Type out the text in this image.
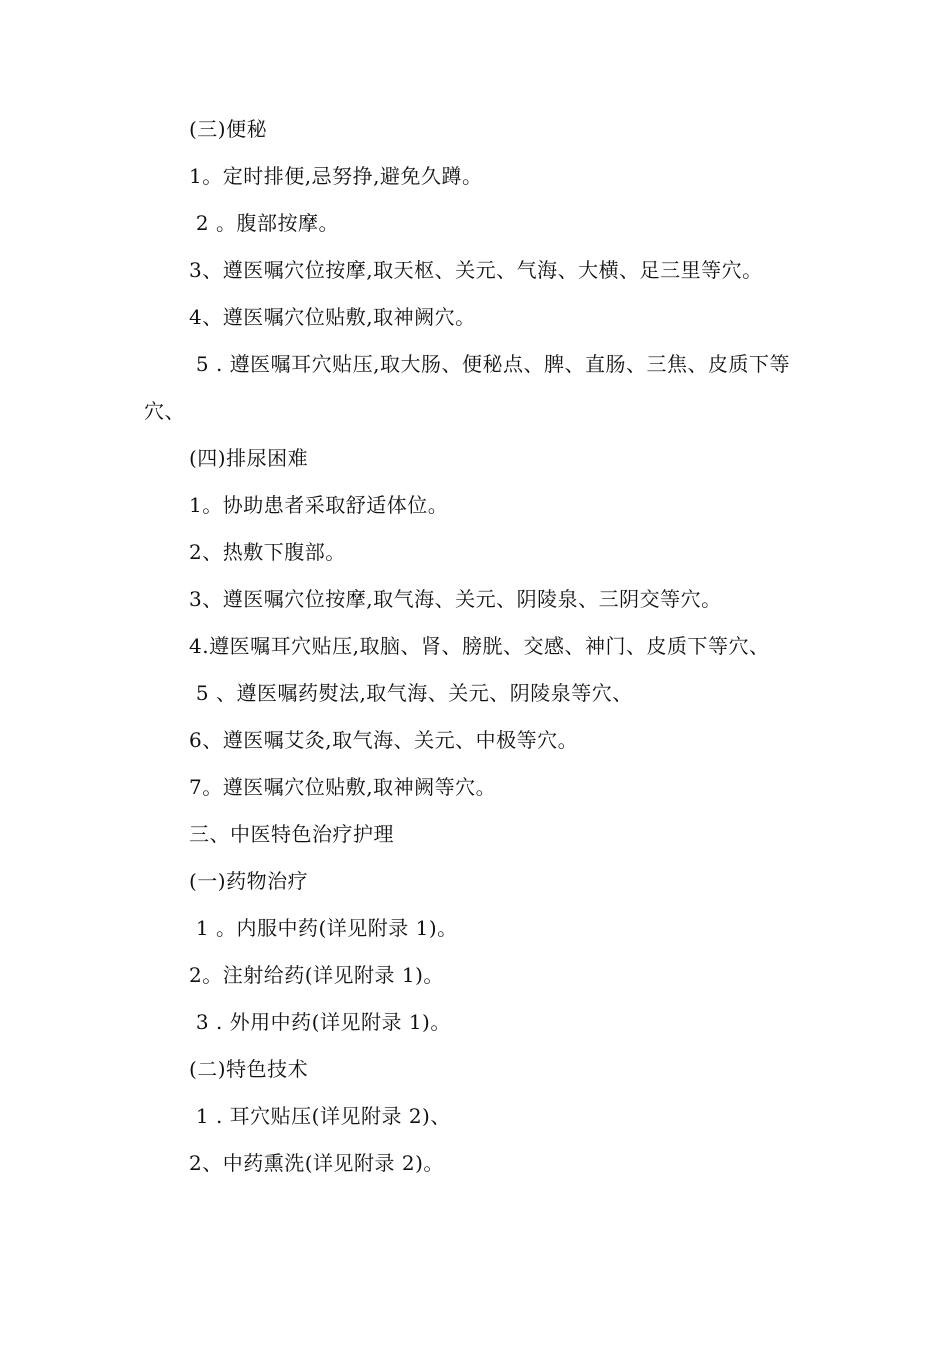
(三)便秘

1。定时排便,忌努挣,避免久蹲。

2 。腹部按摩。

3、遵医嘱穴位按摩,取天枢、关元、气海、大横、足三里等穴。

4、遵医嘱穴位贴敷,取神阙穴。

5 . 遵医嘱耳穴贴压,取大肠、便秘点、脾、直肠、三焦、皮质下等穴、

(四)排尿困难

1。协助患者采取舒适体位。

2、热敷下腹部。

3、遵医嘱穴位按摩,取气海、关元、阴陵泉、三阴交等穴。

4.遵医嘱耳穴贴压,取脑、肾、膀胱、交感、神门、皮质下等穴、

5 、遵医嘱药熨法,取气海、关元、阴陵泉等穴、

6、遵医嘱艾灸,取气海、关元、中极等穴。

7。遵医嘱穴位贴敷,取神阙等穴。

三、中医特色治疗护理

(一)药物治疗

1 。内服中药(详见附录 1)。

2。注射给药(详见附录 1)。

3 . 外用中药(详见附录 1)。

(二)特色技术

1 . 耳穴贴压(详见附录 2)、

2、中药熏洗(详见附录 2)。
